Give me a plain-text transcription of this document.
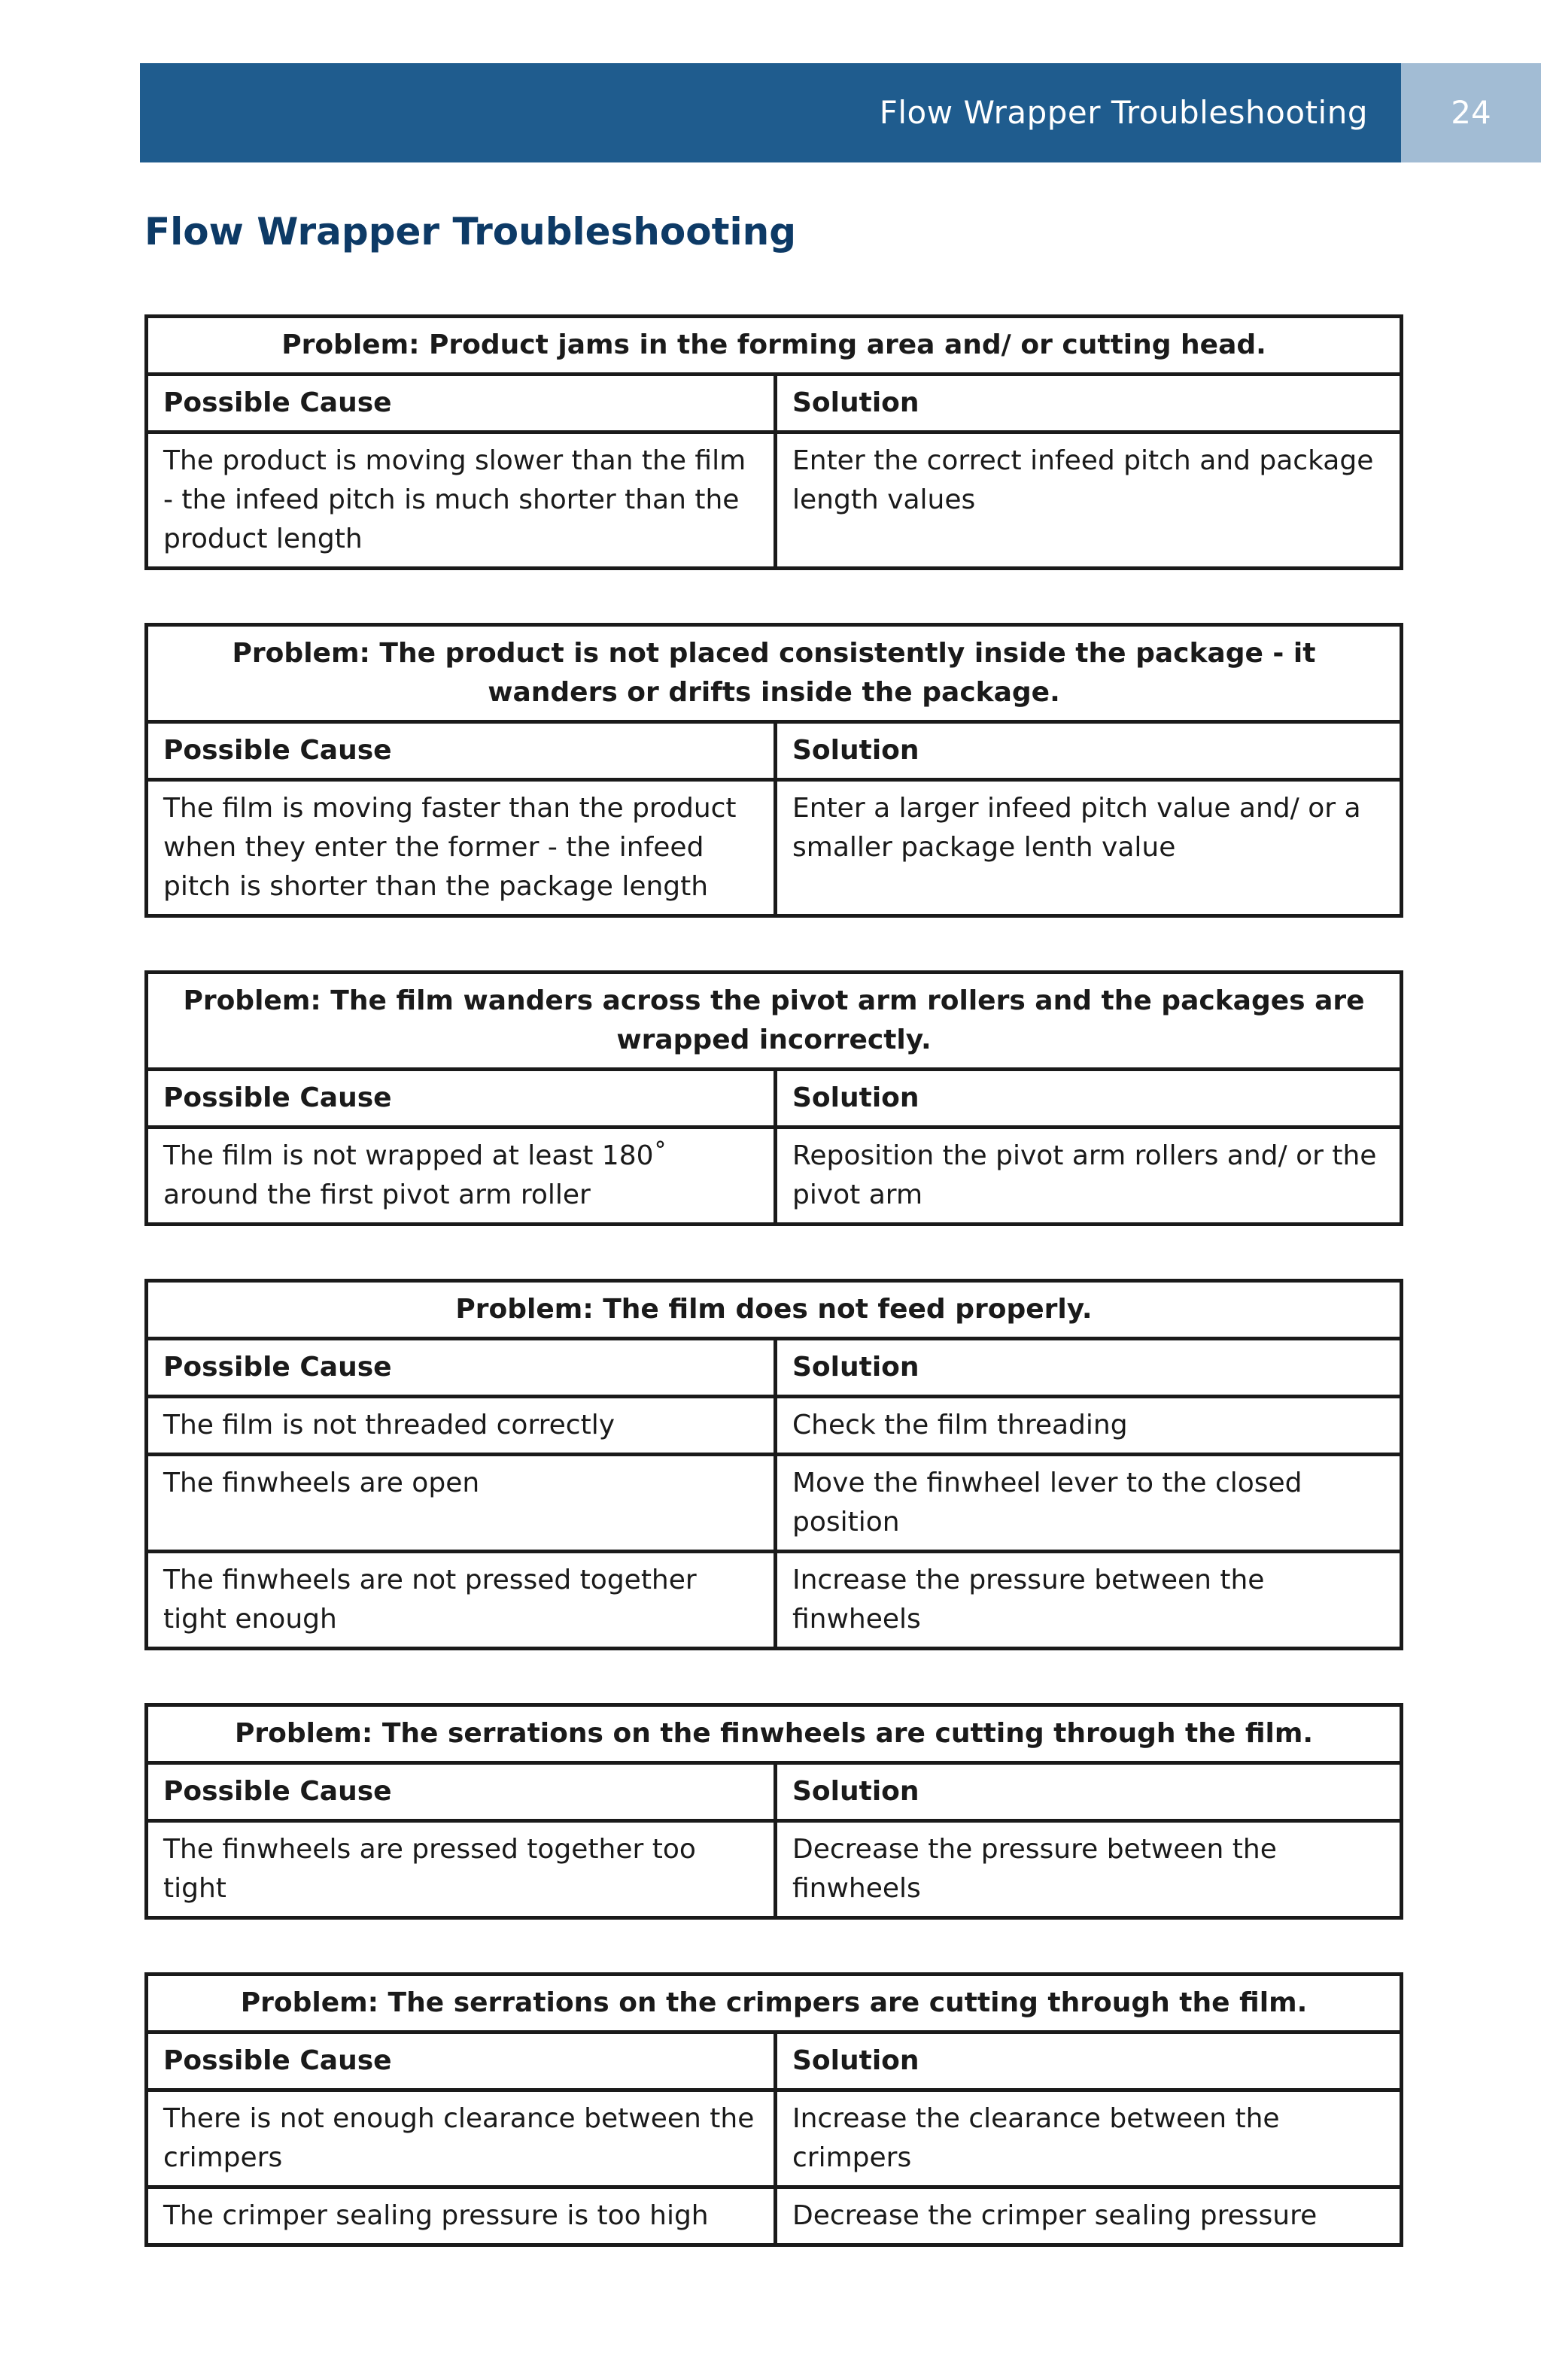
Flow Wrapper Troubleshooting	24
Flow Wrapper Troubleshooting
Problem: Product jams in the forming area and/ or cutting head.	
Possible Cause	Solution
The product is moving slower than the film - the infeed pitch is much shorter than the product length	Enter the correct infeed pitch and package length values
Problem: The product is not placed consistently inside the package - it wanders or drifts inside the package.	
Possible Cause	Solution
The film is moving faster than the product when they enter the former - the infeed pitch is shorter than the package length	Enter a larger infeed pitch value and/ or a smaller package lenth value
Problem: The film wanders across the pivot arm rollers and the packages are wrapped incorrectly.	
Possible Cause	Solution
The film is not wrapped at least 180˚ around the first pivot arm roller	Reposition the pivot arm rollers and/ or the pivot arm
Problem: The film does not feed properly.	
Possible Cause	Solution
The film is not threaded correctly	Check the film threading
The finwheels are open	Move the finwheel lever to the closed position
The finwheels are not pressed together tight enough	Increase the pressure between the finwheels
Problem: The serrations on the finwheels are cutting through the film.	
Possible Cause	Solution
The finwheels are pressed together too tight	Decrease the pressure between the finwheels
Problem: The serrations on the crimpers are cutting through the film.	
Possible Cause	Solution
There is not enough clearance between the crimpers	Increase the clearance between the crimpers
The crimper sealing pressure is too high	Decrease the crimper sealing pressure
